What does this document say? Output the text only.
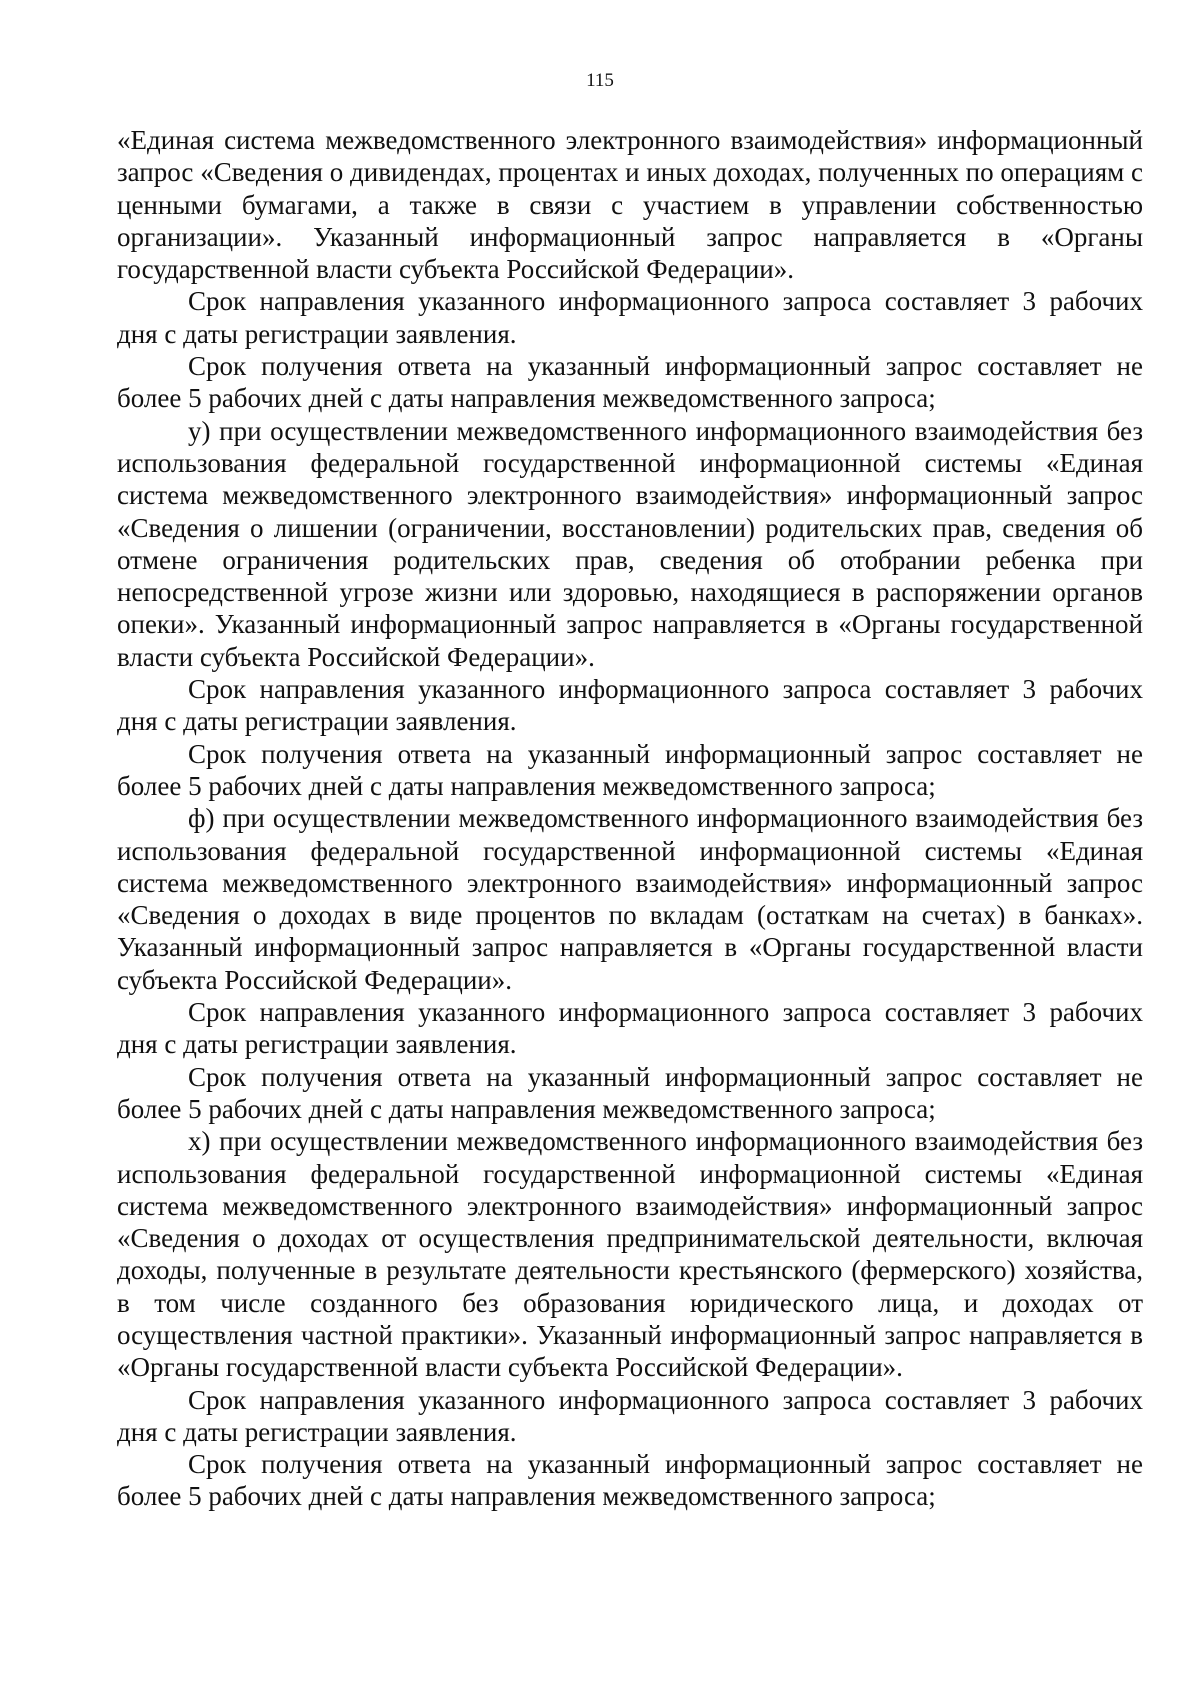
115

«Единая система межведомственного электронного взаимодействия» информационный запрос «Сведения о дивидендах, процентах и иных доходах, полученных по операциям с ценными бумагами, а также в связи с участием в управлении собственностью организации». Указанный информационный запрос направляется в «Органы государственной власти субъекта Российской Федерации».

Срок направления указанного информационного запроса составляет 3 рабочих дня с даты регистрации заявления.

Срок получения ответа на указанный информационный запрос составляет не более 5 рабочих дней с даты направления межведомственного запроса;

у) при осуществлении межведомственного информационного взаимодействия без использования федеральной государственной информационной системы «Единая система межведомственного электронного взаимодействия» информационный запрос «Сведения о лишении (ограничении, восстановлении) родительских прав, сведения об отмене ограничения родительских прав, сведения об отобрании ребенка при непосредственной угрозе жизни или здоровью, находящиеся в распоряжении органов опеки». Указанный информационный запрос направляется в «Органы государственной власти субъекта Российской Федерации».

Срок направления указанного информационного запроса составляет 3 рабочих дня с даты регистрации заявления.

Срок получения ответа на указанный информационный запрос составляет не более 5 рабочих дней с даты направления межведомственного запроса;

ф) при осуществлении межведомственного информационного взаимодействия без использования федеральной государственной информационной системы «Единая система межведомственного электронного взаимодействия» информационный запрос «Сведения о доходах в виде процентов по вкладам (остаткам на счетах) в банках». Указанный информационный запрос направляется в «Органы государственной власти субъекта Российской Федерации».

Срок направления указанного информационного запроса составляет 3 рабочих дня с даты регистрации заявления.

Срок получения ответа на указанный информационный запрос составляет не более 5 рабочих дней с даты направления межведомственного запроса;

х) при осуществлении межведомственного информационного взаимодействия без использования федеральной государственной информационной системы «Единая система межведомственного электронного взаимодействия» информационный запрос «Сведения о доходах от осуществления предпринимательской деятельности, включая доходы, полученные в результате деятельности крестьянского (фермерского) хозяйства, в том числе созданного без образования юридического лица, и доходах от осуществления частной практики». Указанный информационный запрос направляется в «Органы государственной власти субъекта Российской Федерации».

Срок направления указанного информационного запроса составляет 3 рабочих дня с даты регистрации заявления.

Срок получения ответа на указанный информационный запрос составляет не более 5 рабочих дней с даты направления межведомственного запроса;
